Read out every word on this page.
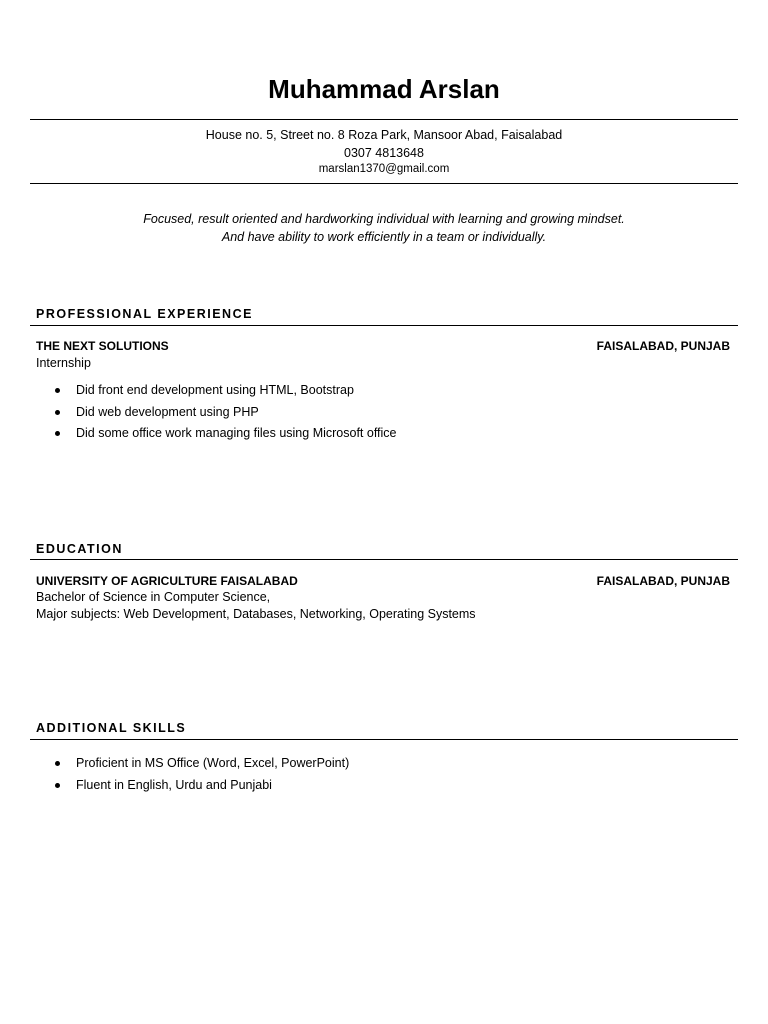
Muhammad Arslan
House no. 5, Street no. 8 Roza Park, Mansoor Abad, Faisalabad
0307 4813648
marslan1370@gmail.com
Focused, result oriented and hardworking individual with learning and growing mindset.
And have ability to work efficiently in a team or individually.
PROFESSIONAL EXPERIENCE
THE NEXT SOLUTIONS	FAISALABAD, PUNJAB
Internship
Did front end development using HTML, Bootstrap
Did web development using PHP
Did some office work managing files using Microsoft office
EDUCATION
UNIVERSITY OF AGRICULTURE FAISALABAD	FAISALABAD, PUNJAB
Bachelor of Science in Computer Science,
Major subjects: Web Development, Databases, Networking, Operating Systems
ADDITIONAL SKILLS
Proficient in MS Office (Word, Excel, PowerPoint)
Fluent in English, Urdu and Punjabi
